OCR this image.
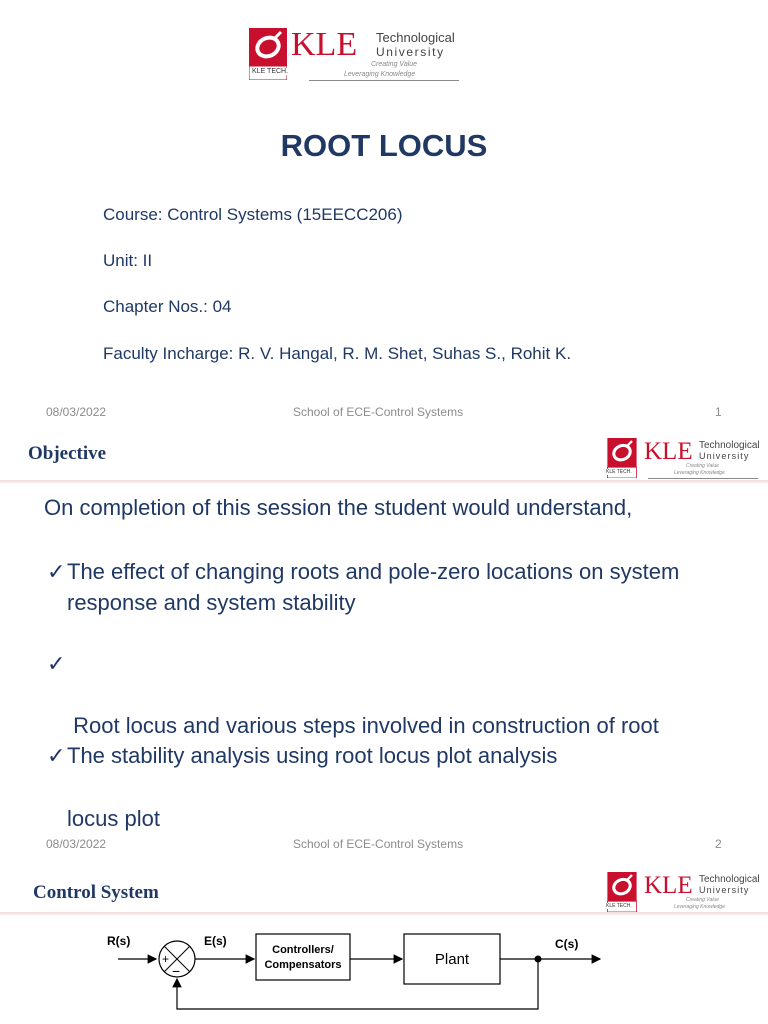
KLE TECH.
KLE Technological
University
Creating Value
Leveraging Knowledge
ROOT LOCUS
Course: Control Systems (15EECC206)
Unit: II
Chapter Nos.: 04
Faculty Incharge: R. V. Hangal, R. M. Shet, Suhas S., Rohit K.
08/03/2022	School of ECE-Control Systems	1
Objective
KLE TECH.
KLE Technological
University
Creating Value
Leveraging Knowledge
On completion of this session the student would understand,
✓ The effect of changing roots and pole-zero locations on system
response and system stability
✓

Root locus and various steps involved in construction of root

locus plot

✓ The stability analysis using root locus plot analysis
08/03/2022	School of ECE-Control Systems	2
Control System
KLE TECH.
KLE Technological
University
Creating Value
Leveraging Knowledge
+
−
R(s)	E(s)
Controllers/
Compensators	Plant
C(s)
